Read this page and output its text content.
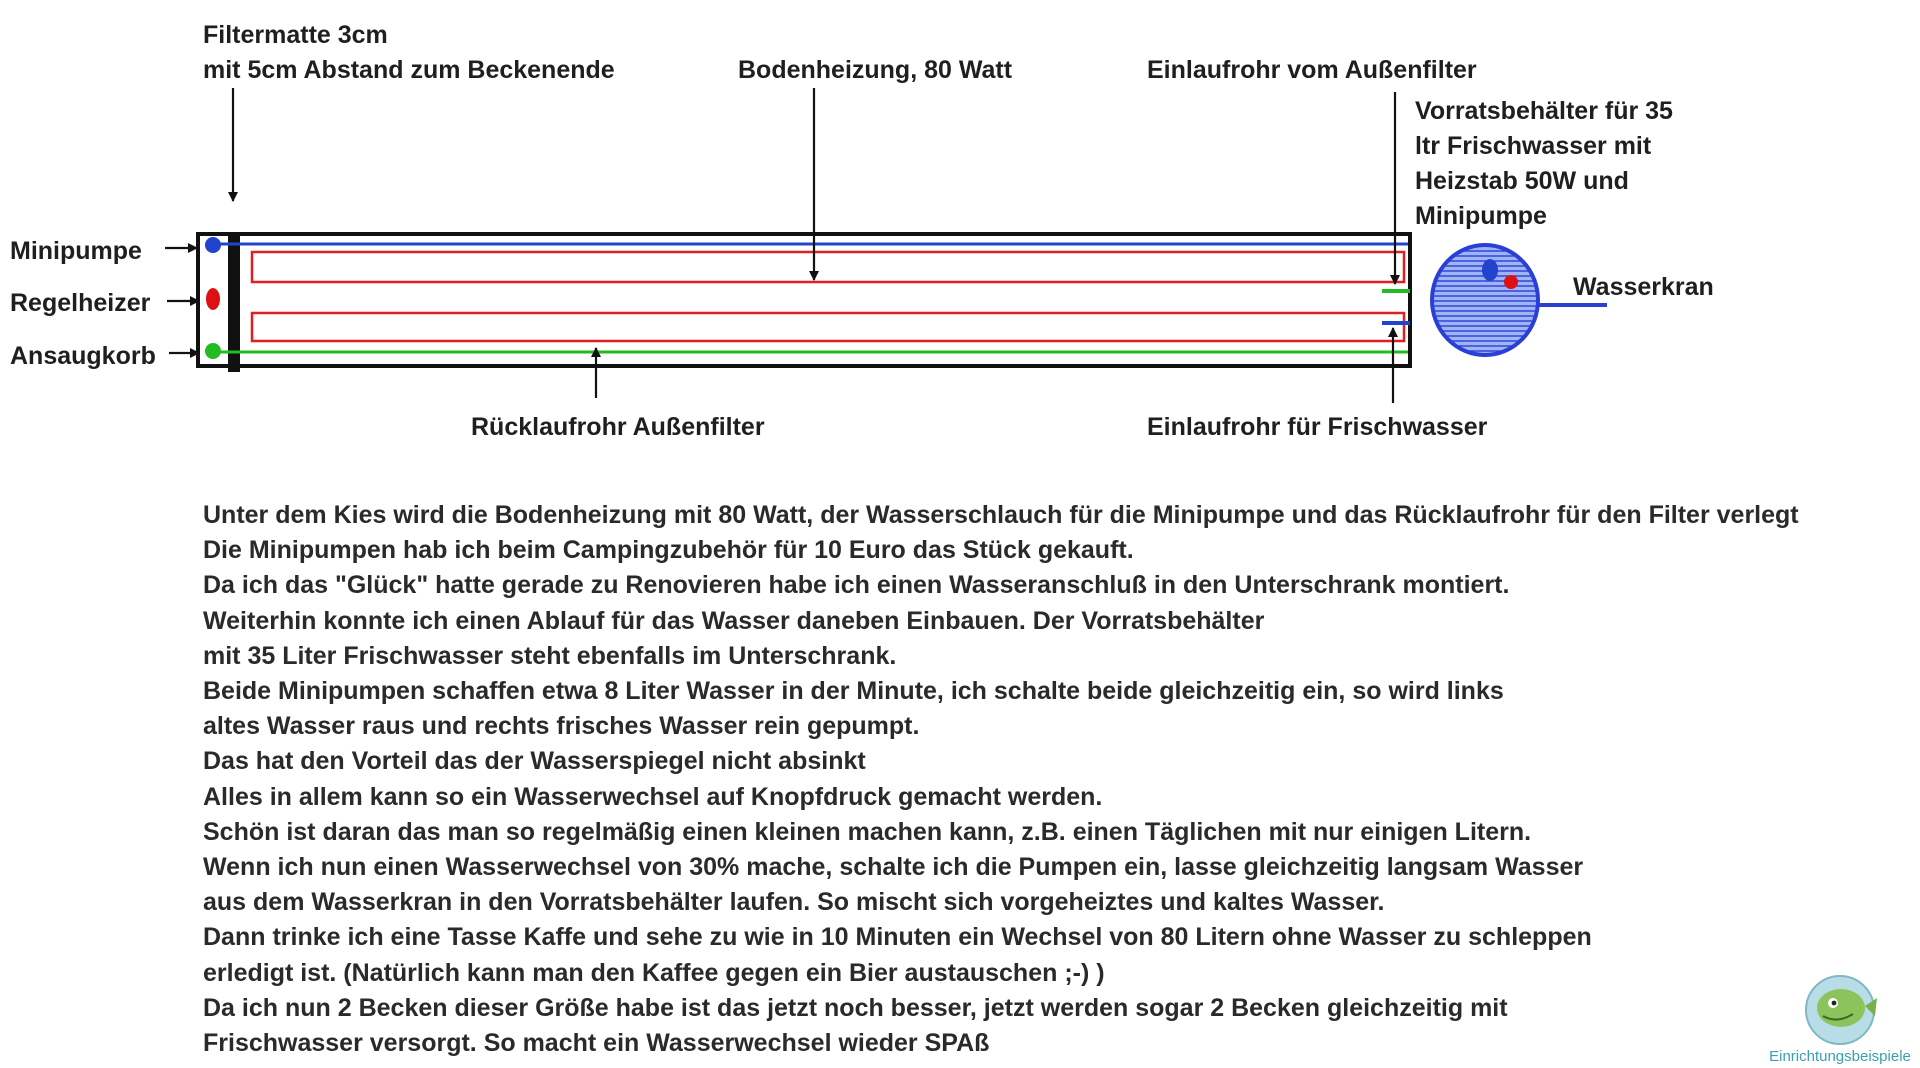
Filtermatte 3cm
mit 5cm Abstand zum Beckenende	Bodenheizung, 80 Watt	Einlaufrohr vom Außenfilter
Vorratsbehälter für 35
ltr Frischwasser mit
Heizstab 50W und
Minipumpe
Minipumpe
Regelheizer
Ansaugkorb
Wasserkran
Rücklaufrohr Außenfilter	Einlaufrohr für Frischwasser
Unter dem Kies wird die Bodenheizung mit 80 Watt, der Wasserschlauch für die Minipumpe und das Rücklaufrohr für den Filter verlegt
Die Minipumpen hab ich beim Campingzubehör für 10 Euro das Stück gekauft.
Da ich das "Glück" hatte gerade zu Renovieren habe ich einen Wasseranschluß in den Unterschrank montiert.
Weiterhin konnte ich einen Ablauf für das Wasser daneben Einbauen. Der Vorratsbehälter
mit 35 Liter Frischwasser steht ebenfalls im Unterschrank.
Beide Minipumpen schaffen etwa 8 Liter Wasser in der Minute, ich schalte beide gleichzeitig ein, so wird links
altes Wasser raus und rechts frisches Wasser rein gepumpt.
Das hat den Vorteil das der Wasserspiegel nicht absinkt
Alles in allem kann so ein Wasserwechsel auf Knopfdruck gemacht werden.
Schön ist daran das man so regelmäßig einen kleinen machen kann, z.B. einen Täglichen mit nur einigen Litern.
Wenn ich nun einen Wasserwechsel von 30% mache, schalte ich die Pumpen ein, lasse gleichzeitig langsam Wasser
aus dem Wasserkran in den Vorratsbehälter laufen. So mischt sich vorgeheiztes und kaltes Wasser.
Dann trinke ich eine Tasse Kaffe und sehe zu wie in 10 Minuten ein Wechsel von 80 Litern ohne Wasser zu schleppen
erledigt ist. (Natürlich kann man den Kaffee gegen ein Bier austauschen ;-) )
Da ich nun 2 Becken dieser Größe habe ist das jetzt noch besser, jetzt werden sogar 2 Becken gleichzeitig mit
Frischwasser versorgt. So macht ein Wasserwechsel wieder SPAß	Einrichtungsbeispiele
